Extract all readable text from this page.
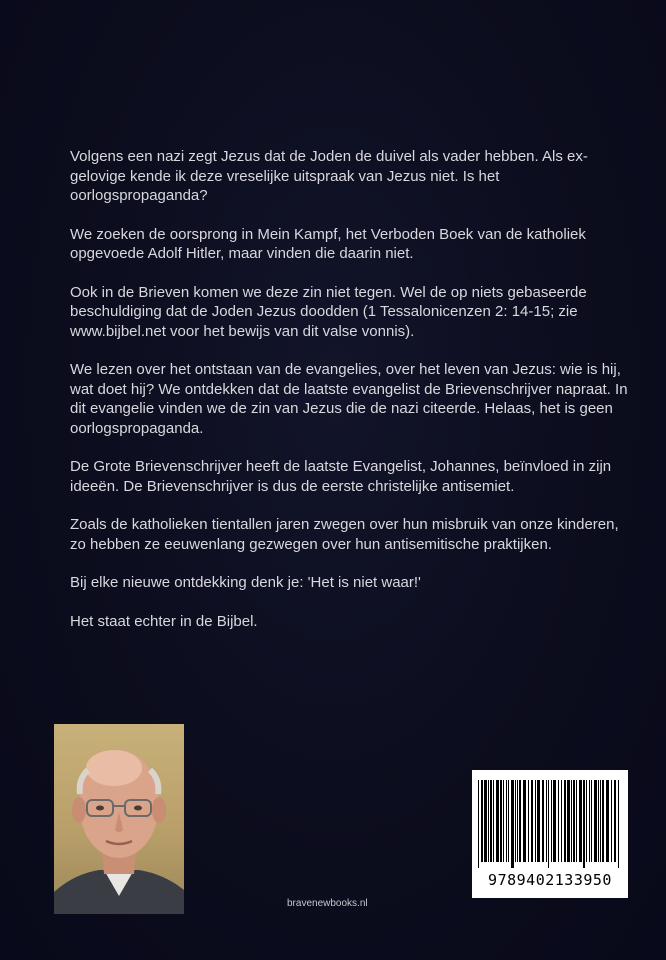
Volgens een nazi zegt Jezus dat de Joden de duivel als vader hebben. Als ex-gelovige kende ik deze vreselijke uitspraak van Jezus niet. Is het oorlogspropaganda?

We zoeken de oorsprong in Mein Kampf, het Verboden Boek van de katholiek opgevoede Adolf Hitler, maar vinden die daarin niet.

Ook in de Brieven komen we deze zin niet tegen. Wel de op niets gebaseerde beschuldiging dat de Joden Jezus doodden (1 Tessalonicenzen 2: 14-15; zie www.bijbel.net voor het bewijs van dit valse vonnis).

We lezen over het ontstaan van de evangelies, over het leven van Jezus: wie is hij, wat doet hij? We ontdekken dat de laatste evangelist de Brievenschrijver napraat. In dit evangelie vinden we de zin van Jezus die de nazi citeerde. Helaas, het is geen oorlogspropaganda.

De Grote Brievenschrijver heeft de laatste Evangelist, Johannes, beïnvloed in zijn ideeën. De Brievenschrijver is dus de eerste christelijke antisemiet.

Zoals de katholieken tientallen jaren zwegen over hun misbruik van onze kinderen, zo hebben ze eeuwenlang gezwegen over hun antisemitische praktijken.

Bij elke nieuwe ontdekking denk je: 'Het is niet waar!'

Het staat echter in de Bijbel.

bravenewbooks.nl
9789402133950
